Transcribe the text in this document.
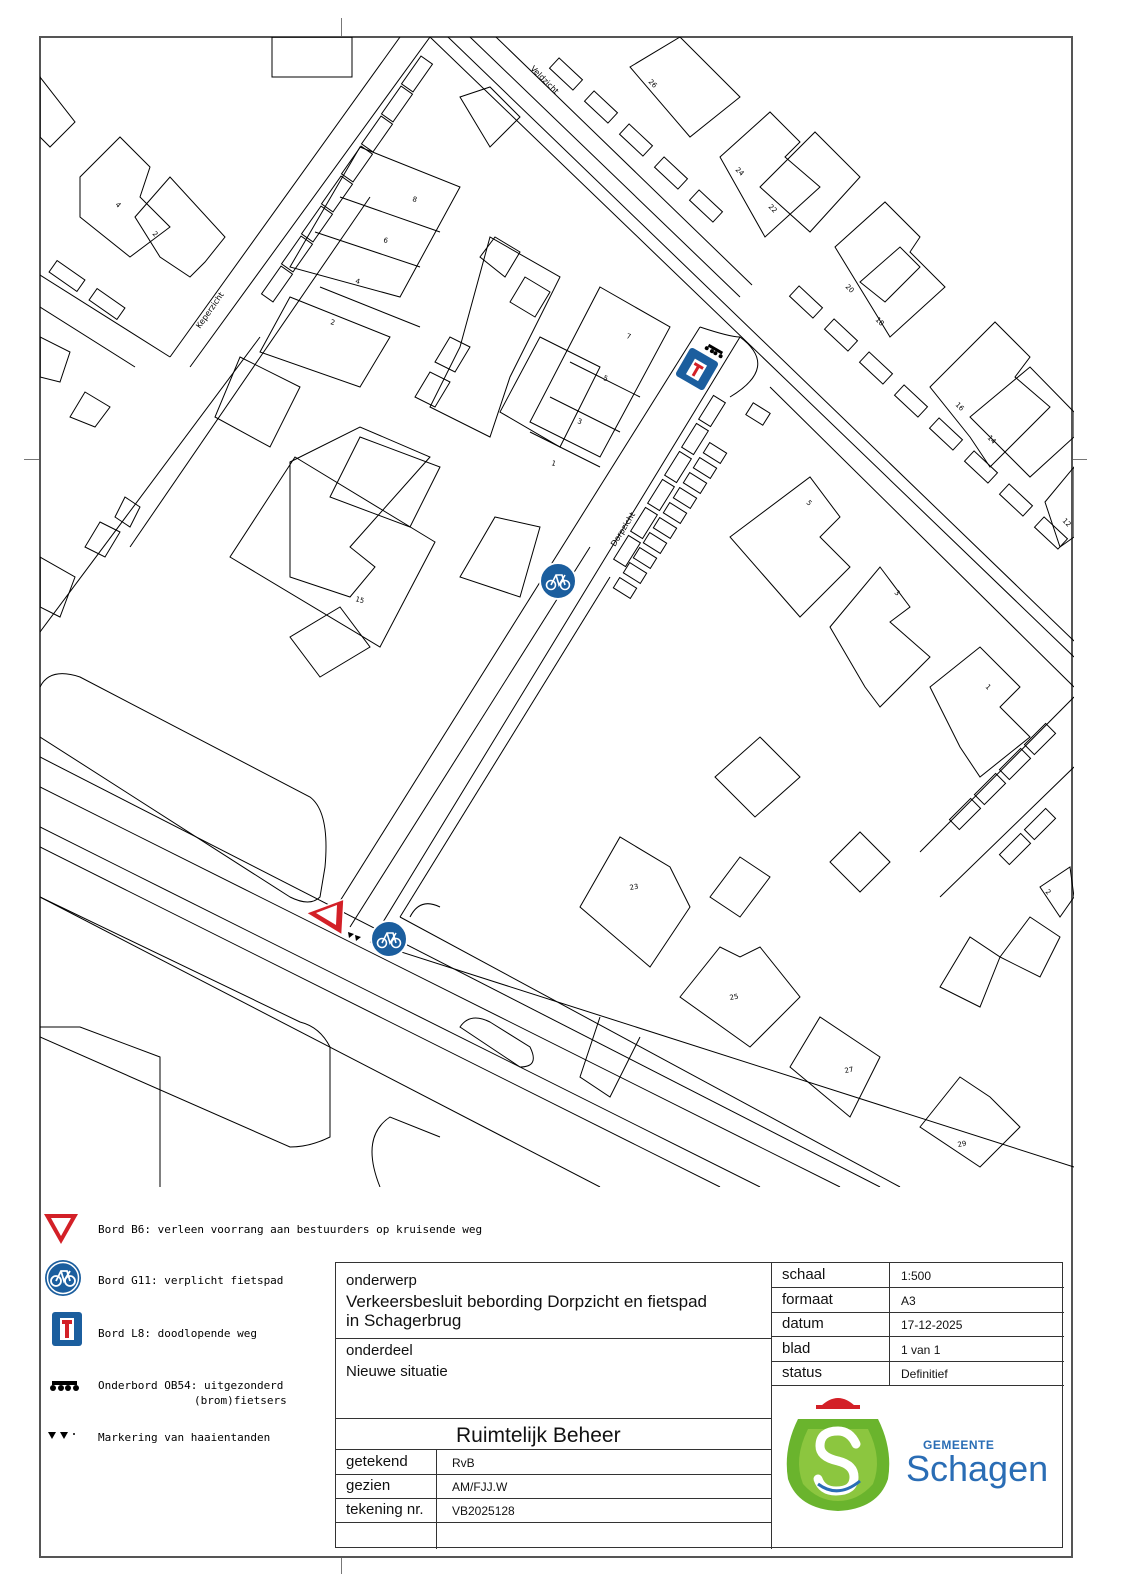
Veldzicht
Keperzicht
Dorpzicht
26
24
22
20
18
16
14
12
4
2
8
6
4
2
7
5
3
1
15
5
3
1
2
23
25
27
29
Bord B6: verleen voorrang aan bestuurders op kruisende weg
Bord G11: verplicht fietspad
Bord L8: doodlopende weg
Onderbord OB54: uitgezonderd
(brom)fietsers
Markering van haaientanden
onderwerp
Verkeersbesluit bebording Dorpzicht en fietspad
in Schagerbrug
onderdeel
Nieuwe situatie
Ruimtelijk Beheer
getekend	RvB
gezien	AM/FJJ.W
tekening nr. VB2025128
schaal	1:500
formaat	A3
datum	17-12-2025
blad	1 van 1
status	Definitief
GEMEENTE
Schagen
